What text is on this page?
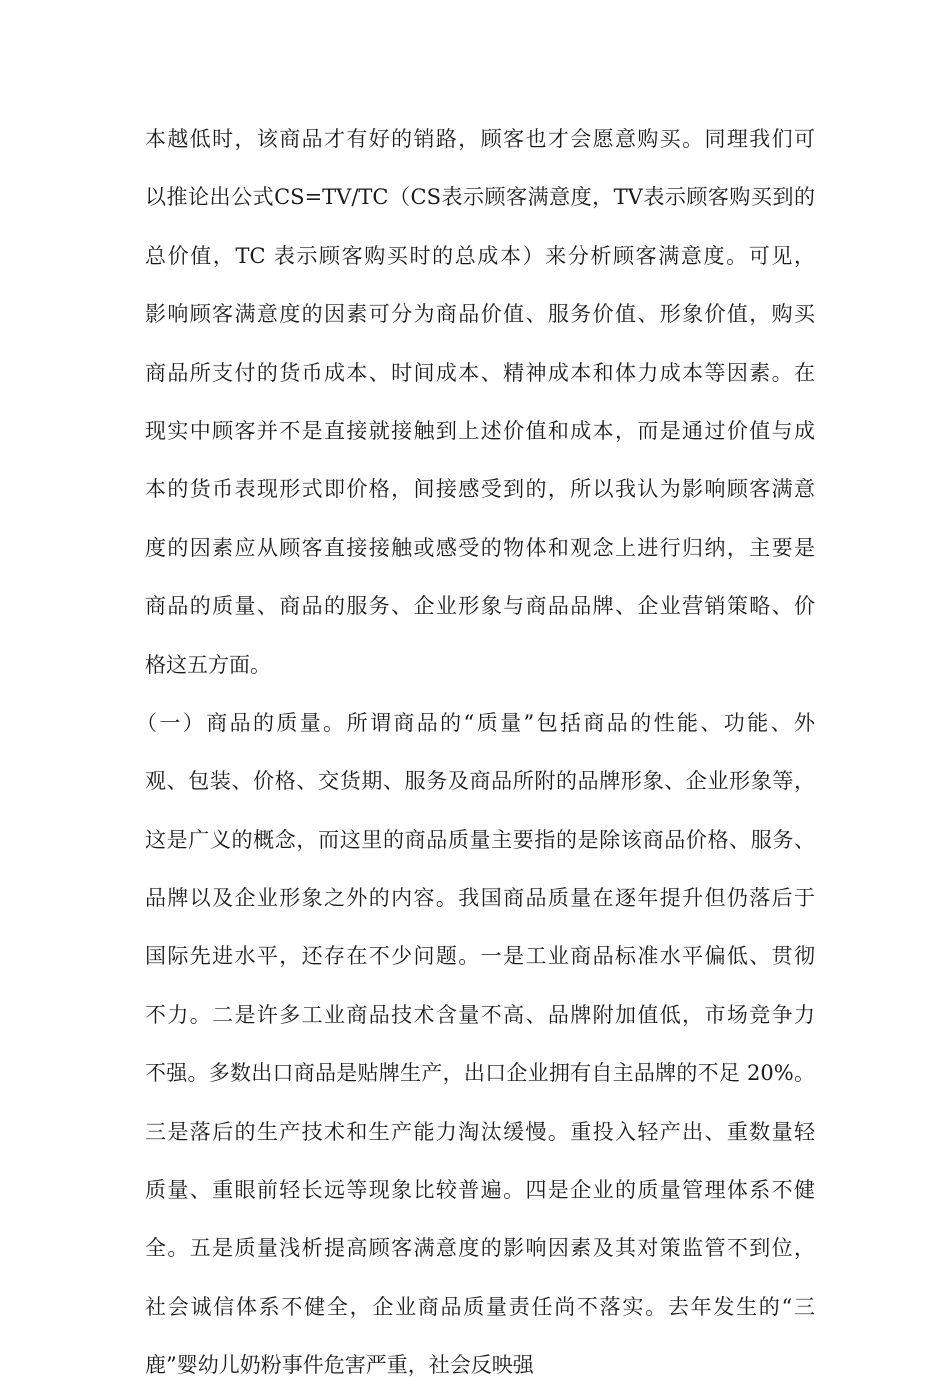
本越低时，该商品才有好的销路，顾客也才会愿意购买。同理我们可
以推论出公式CS=TV/TC（CS表示顾客满意度，TV表示顾客购买到的
总价值，TC 表示顾客购买时的总成本）来分析顾客满意度。可见，
影响顾客满意度的因素可分为商品价值、服务价值、形象价值，购买
商品所支付的货币成本、时间成本、精神成本和体力成本等因素。在
现实中顾客并不是直接就接触到上述价值和成本，而是通过价值与成
本的货币表现形式即价格，间接感受到的，所以我认为影响顾客满意
度的因素应从顾客直接接触或感受的物体和观念上进行归纳，主要是
商品的质量、商品的服务、企业形象与商品品牌、企业营销策略、价
格这五方面。
（一）商品的质量。所谓商品的“质量”包括商品的性能、功能、外
观、包装、价格、交货期、服务及商品所附的品牌形象、企业形象等，
这是广义的概念，而这里的商品质量主要指的是除该商品价格、服务、
品牌以及企业形象之外的内容。我国商品质量在逐年提升但仍落后于
国际先进水平，还存在不少问题。一是工业商品标准水平偏低、贯彻
不力。二是许多工业商品技术含量不高、品牌附加值低，市场竞争力
不强。多数出口商品是贴牌生产，出口企业拥有自主品牌的不足 20%。
三是落后的生产技术和生产能力淘汰缓慢。重投入轻产出、重数量轻
质量、重眼前轻长远等现象比较普遍。四是企业的质量管理体系不健
全。五是质量浅析提高顾客满意度的影响因素及其对策监管不到位，
社会诚信体系不健全，企业商品质量责任尚不落实。去年发生的“三
鹿”婴幼儿奶粉事件危害严重，社会反映强
